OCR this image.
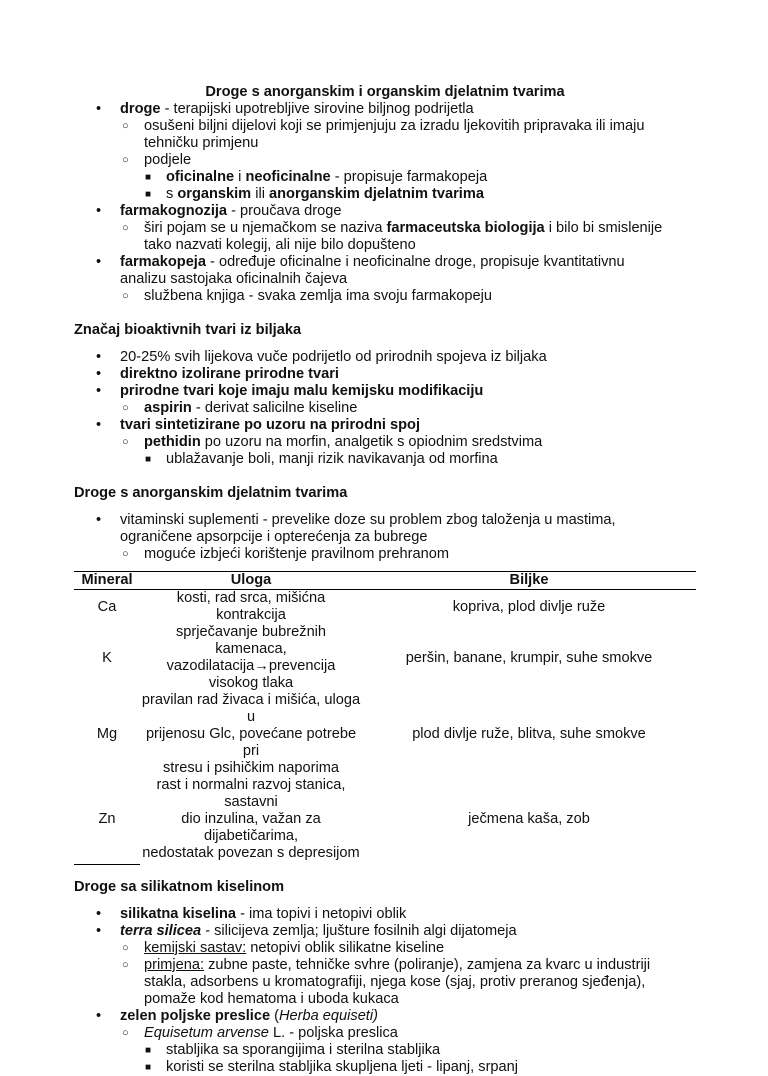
Droge s anorganskim i organskim djelatnim tvarima
• droge - terapijski upotrebljive sirovine biljnog podrijetla
○ osušeni biljni dijelovi koji se primjenjuju za izradu ljekovitih pripravaka ili imaju
tehničku primjenu
○ podjele
■ oficinalne i neoficinalne - propisuje farmakopeja
■ s organskim ili anorganskim djelatnim tvarima
• farmakognozija - proučava droge
○ širi pojam se u njemačkom se naziva farmaceutska biologija i bilo bi smislenije
tako nazvati kolegij, ali nije bilo dopušteno
• farmakopeja - određuje oficinalne i neoficinalne droge, propisuje kvantitativnu
analizu sastojaka oficinalnih čajeva
○ službena knjiga - svaka zemlja ima svoju farmakopeju
Značaj bioaktivnih tvari iz biljaka
• 20-25% svih lijekova vuče podrijetlo od prirodnih spojeva iz biljaka
• direktno izolirane prirodne tvari
• prirodne tvari koje imaju malu kemijsku modifikaciju
○ aspirin - derivat salicilne kiseline
• tvari sintetizirane po uzoru na prirodni spoj
○ pethidin po uzoru na morfin, analgetik s opiodnim sredstvima
■ ublažavanje boli, manji rizik navikavanja od morfina
Droge s anorganskim djelatnim tvarima
• vitaminski suplementi - prevelike doze su problem zbog taloženja u mastima,
ograničene apsorpcije i opterećenja za bubrege
○ moguće izbjeći korištenje pravilnom prehranom
Mineral	Uloga	Biljke
Ca	kosti, rad srca, mišićna kontrakcija	kopriva, plod divlje ruže
K	sprječavanje bubrežnih kamenaca,
vazodilatacija→prevencija visokog tlaka	peršin, banane, krumpir, suhe smokve
Mg	pravilan rad živaca i mišića, uloga u
prijenosu Glc, povećane potrebe pri
stresu i psihičkim naporima	plod divlje ruže, blitva, suhe smokve
Zn	rast i normalni razvoj stanica, sastavni
dio inzulina, važan za dijabetičarima,
nedostatak povezan s depresijom	ječmena kaša, zob
Droge sa silikatnom kiselinom
• silikatna kiselina - ima topivi i netopivi oblik
• terra silicea - silicijeva zemlja; ljušture fosilnih algi dijatomeja
○ kemijski sastav: netopivi oblik silikatne kiseline
○ primjena: zubne paste, tehničke svhre (poliranje), zamjena za kvarc u industriji
stakla, adsorbens u kromatografiji, njega kose (sjaj, protiv preranog sjeđenja),
pomaže kod hematoma i uboda kukaca
• zelen poljske preslice (Herba equiseti)
○ Equisetum arvense L. - poljska preslica
■ stabljika sa sporangijima i sterilna stabljika
■ koristi se sterilna stabljika skupljena ljeti - lipanj, srpanj
